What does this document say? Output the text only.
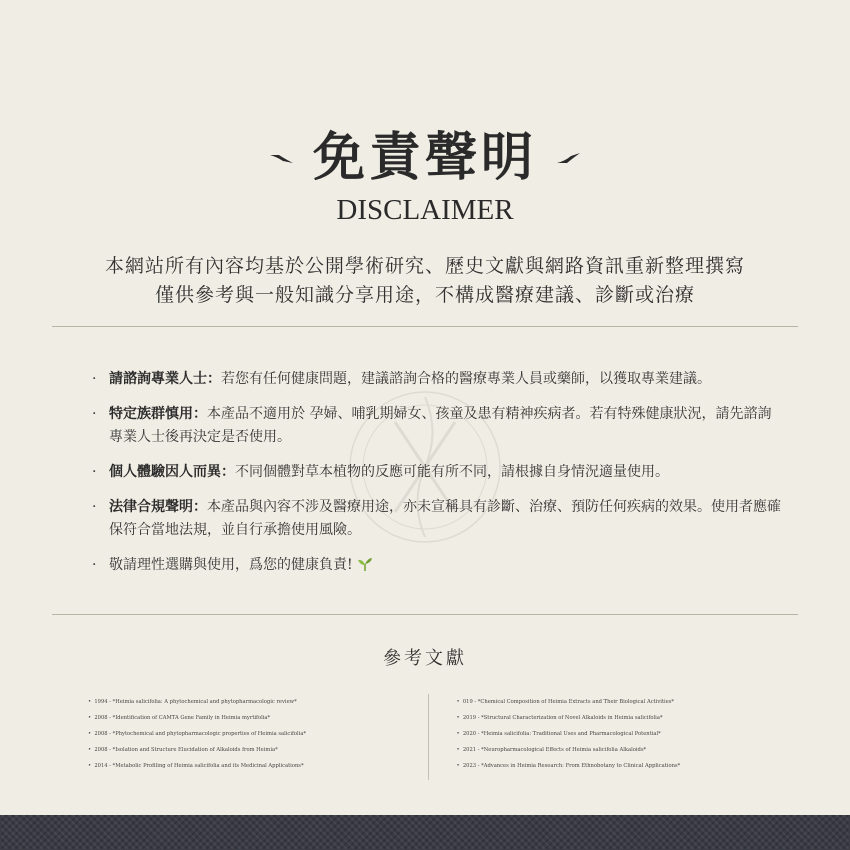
免責聲明
DISCLAIMER
本網站所有內容均基於公開學術研究、歷史文獻與網路資訊重新整理撰寫
僅供參考與一般知識分享用途，不構成醫療建議、診斷或治療
· 請諮詢專業人士：若您有任何健康問題，建議諮詢合格的醫療專業人員或藥師，以獲取專業建議。
· 特定族群慎用：本產品不適用於 孕婦、哺乳期婦女、孩童及患有精神疾病者。若有特殊健康狀況，請先諮詢專業人士後再決定是否使用。
· 個人體驗因人而異：不同個體對草本植物的反應可能有所不同，請根據自身情況適量使用。
· 法律合規聲明：本產品與內容不涉及醫療用途，亦未宣稱具有診斷、治療、預防任何疾病的效果。使用者應確保符合當地法規，並自行承擔使用風險。
· 敬請理性選購與使用，爲您的健康負責!
參考文獻
•  1994 - *Heimia salicifolia: A phytochemical and phytopharmacologic review*
•  2008 - *Identification of CAMTA Gene Family in Heimia myrtifolia*
•  2008 - *Phytochemical and phytopharmacologic properties of Heimia salicifolia*
•  2008 - *Isolation and Structure Elucidation of Alkaloids from Heimia*
•  2014 - *Metabolic Profiling of Heimia salicifolia and its Medicinal Applications*
•  019 - *Chemical Composition of Heimia Extracts and Their Biological Activities*
•  2019 - *Structural Characterization of Novel Alkaloids in Heimia salicifolia*
•  2020 - *Heimia salicifolia: Traditional Uses and Pharmacological Potential*
•  2021 - *Neuropharmacological Effects of Heimia salicifolia Alkaloids*
•  2023 - *Advances in Heimia Research: From Ethnobotany to Clinical Applications*
